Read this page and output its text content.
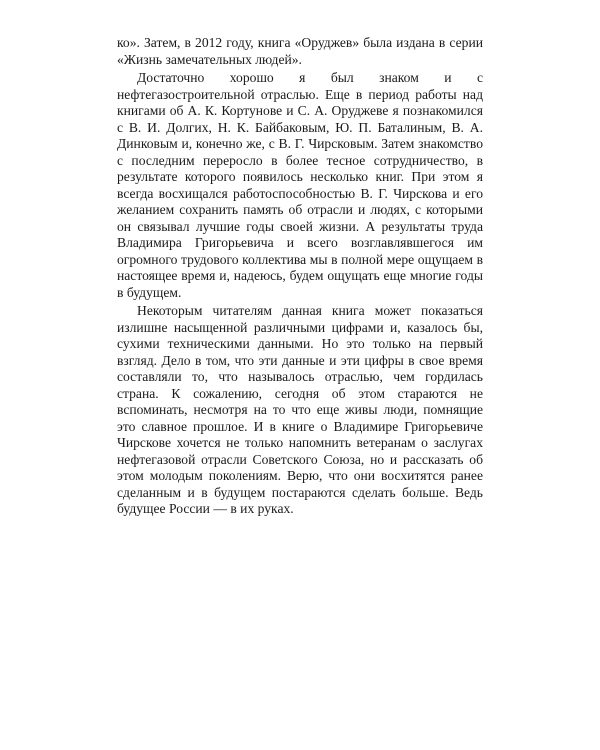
ко». Затем, в 2012 году, книга «Оруджев» была издана в серии «Жизнь замечательных людей».

Достаточно хорошо я был знаком и с нефтегазостроительной отраслью. Еще в период работы над книгами об А. К. Кортунове и С. А. Оруджеве я познакомился с В. И. Долгих, Н. К. Байбаковым, Ю. П. Баталиным, В. А. Динковым и, конечно же, с В. Г. Чирсковым. Затем знакомство с последним переросло в более тесное сотрудничество, в результате которого появилось несколько книг. При этом я всегда восхищался работоспособностью В. Г. Чирскова и его желанием сохранить память об отрасли и людях, с которыми он связывал лучшие годы своей жизни. А результаты труда Владимира Григорьевича и всего возглавлявшегося им огромного трудового коллектива мы в полной мере ощущаем в настоящее время и, надеюсь, будем ощущать еще многие годы в будущем.

Некоторым читателям данная книга может показаться излишне насыщенной различными цифрами и, казалось бы, сухими техническими данными. Но это только на первый взгляд. Дело в том, что эти данные и эти цифры в свое время составляли то, что называлось отраслью, чем гордилась страна. К сожалению, сегодня об этом стараются не вспоминать, несмотря на то что еще живы люди, помнящие это славное прошлое. И в книге о Владимире Григорьевиче Чирскове хочется не только напомнить ветеранам о заслугах нефтегазовой отрасли Советского Союза, но и рассказать об этом молодым поколениям. Верю, что они восхитятся ранее сделанным и в будущем постараются сделать больше. Ведь будущее России — в их руках.
